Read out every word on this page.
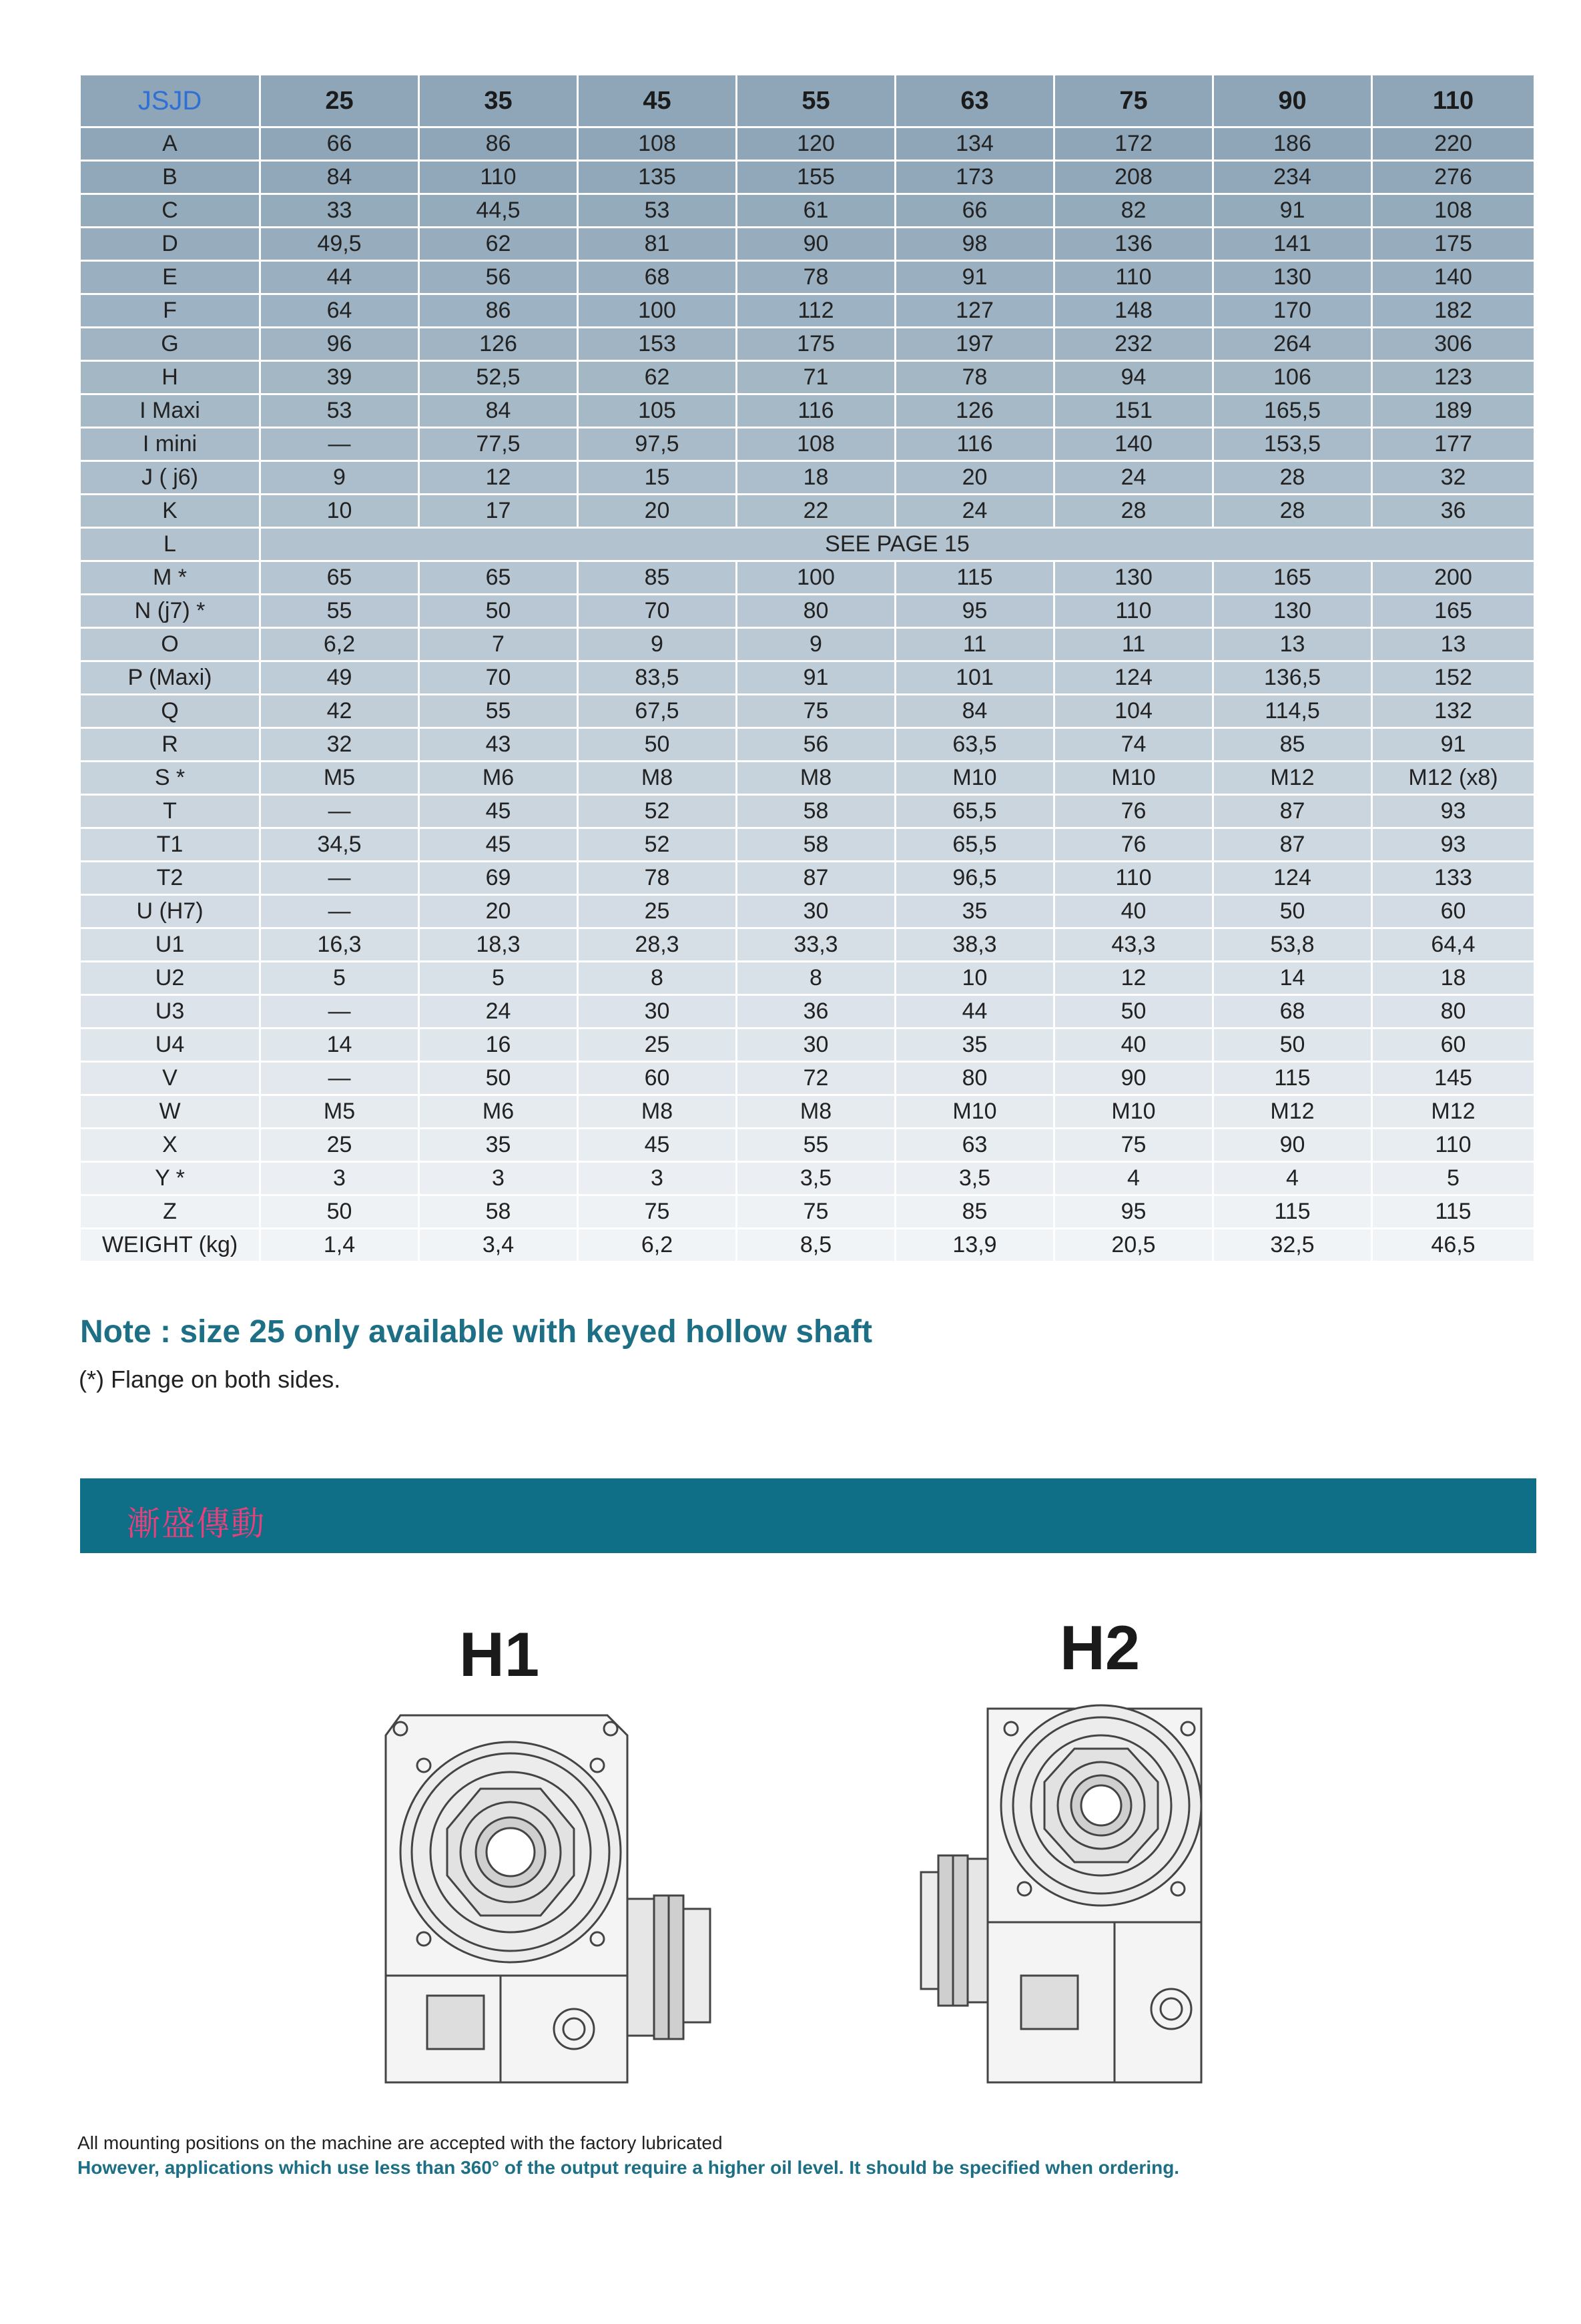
JSJD	25	35	45	55	63	75	90	110
A	66	86	108	120	134	172	186	220
B	84	110	135	155	173	208	234	276
C	33	44,5	53	61	66	82	91	108
D	49,5	62	81	90	98	136	141	175
E	44	56	68	78	91	110	130	140
F	64	86	100	112	127	148	170	182
G	96	126	153	175	197	232	264	306
H	39	52,5	62	71	78	94	106	123
I Maxi	53	84	105	116	126	151	165,5	189
I mini	—	77,5	97,5	108	116	140	153,5	177
J ( j6)	9	12	15	18	20	24	28	32
K	10	17	20	22	24	28	28	36
L	SEE PAGE 15							
M *	65	65	85	100	115	130	165	200
N (j7) *	55	50	70	80	95	110	130	165
O	6,2	7	9	9	11	11	13	13
P (Maxi)	49	70	83,5	91	101	124	136,5	152
Q	42	55	67,5	75	84	104	114,5	132
R	32	43	50	56	63,5	74	85	91
S *	M5	M6	M8	M8	M10	M10	M12	M12 (x8)
T	—	45	52	58	65,5	76	87	93
T1	34,5	45	52	58	65,5	76	87	93
T2	—	69	78	87	96,5	110	124	133
U (H7)	—	20	25	30	35	40	50	60
U1	16,3	18,3	28,3	33,3	38,3	43,3	53,8	64,4
U2	5	5	8	8	10	12	14	18
U3	—	24	30	36	44	50	68	80
U4	14	16	25	30	35	40	50	60
V	—	50	60	72	80	90	115	145
W	M5	M6	M8	M8	M10	M10	M12	M12
X	25	35	45	55	63	75	90	110
Y *	3	3	3	3,5	3,5	4	4	5
Z	50	58	75	75	85	95	115	115
WEIGHT (kg)	1,4	3,4	6,2	8,5	13,9	20,5	32,5	46,5
Note : size 25 only available with keyed hollow shaft
(*) Flange on both sides.
漸盛傳動
H1	H2
All mounting positions on the machine are accepted with the factory lubricated
However, applications which use less than 360° of the output require a higher oil level. It should be specified when ordering.
